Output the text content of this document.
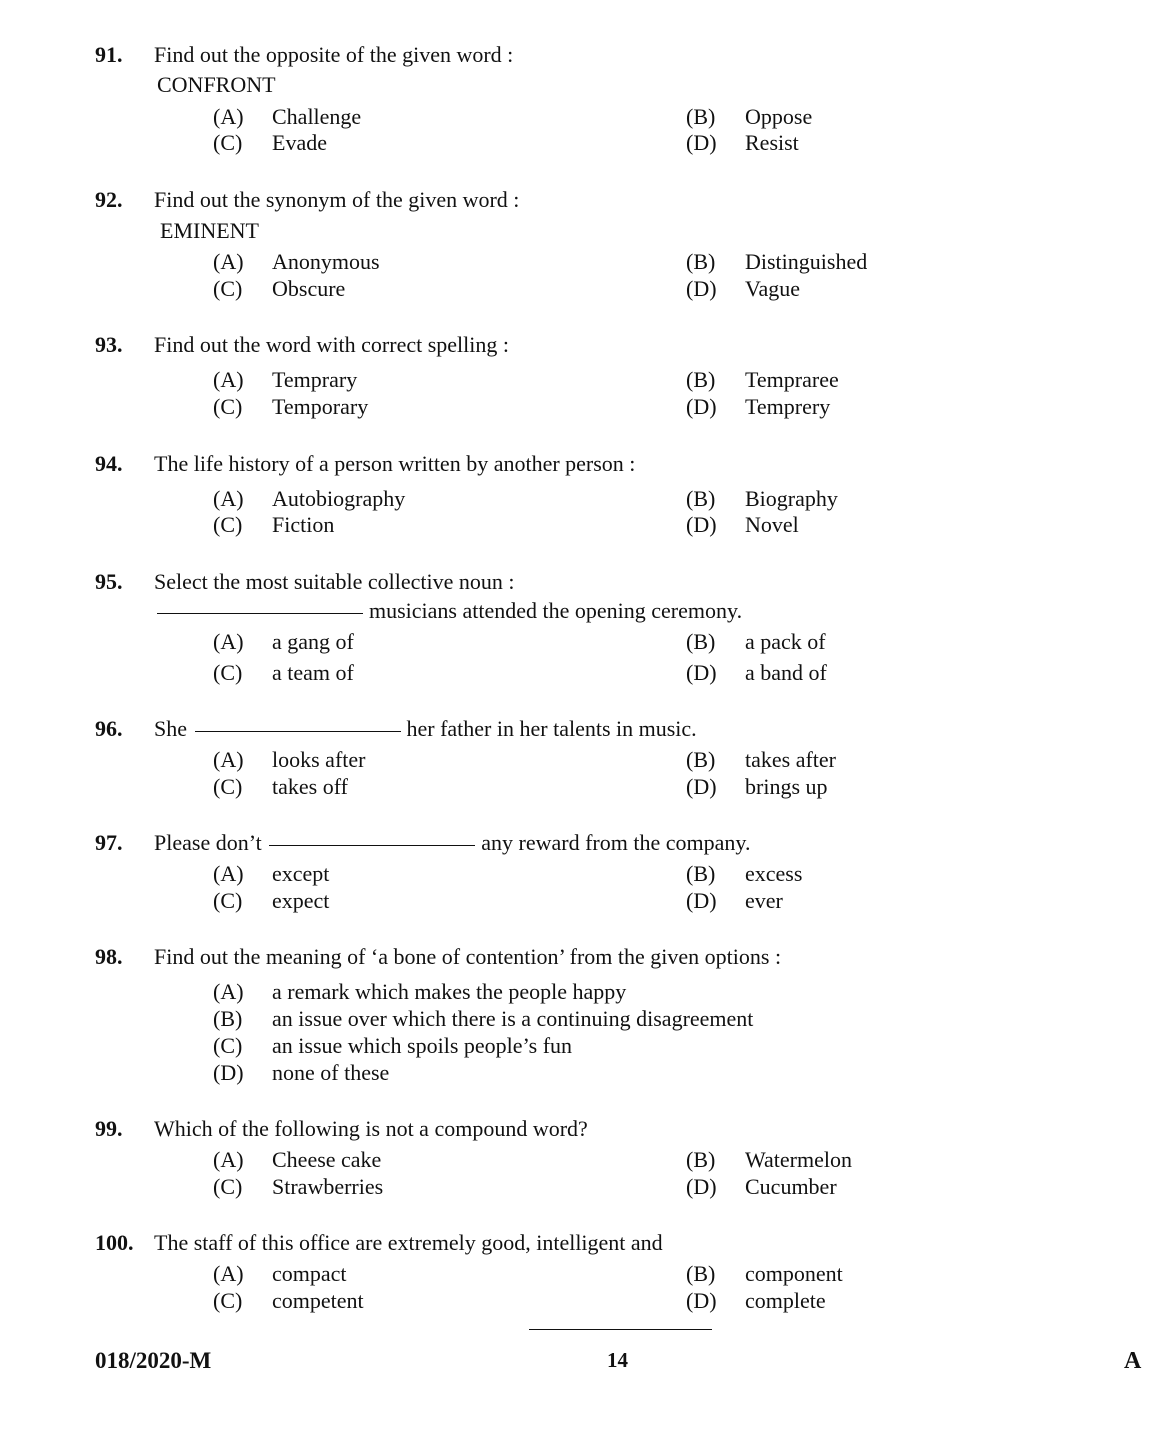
91. Find out the opposite of the given word :
CONFRONT
(A) Challenge	(B) Oppose
(C) Evade	(D) Resist
92. Find out the synonym of the given word :
EMINENT
(A) Anonymous	(B) Distinguished
(C) Obscure	(D) Vague
93. Find out the word with correct spelling :
(A) Temprary	(B) Tempraree
(C) Temporary	(D) Temprery
94. The life history of a person written by another person :
(A) Autobiography	(B) Biography
(C) Fiction	(D) Novel
95. Select the most suitable collective noun :
musicians attended the opening ceremony.
(A) a gang of	(B) a pack of
(C) a team of	(D) a band of
96. She	her father in her talents in music.
(A) looks after	(B) takes after
(C) takes off	(D) brings up
97. Please don’t	any reward from the company.
(A) except	(B) excess
(C) expect	(D) ever
98. Find out the meaning of ‘a bone of contention’ from the given options :
(A) a remark which makes the people happy
(B) an issue over which there is a continuing disagreement
(C) an issue which spoils people’s fun
(D) none of these
99. Which of the following is not a compound word?
(A) Cheese cake	(B) Watermelon
(C) Strawberries	(D) Cucumber
100. The staff of this office are extremely good, intelligent and
(A) compact	(B) component
(C) competent	(D) complete
018/2020-M	14	A
